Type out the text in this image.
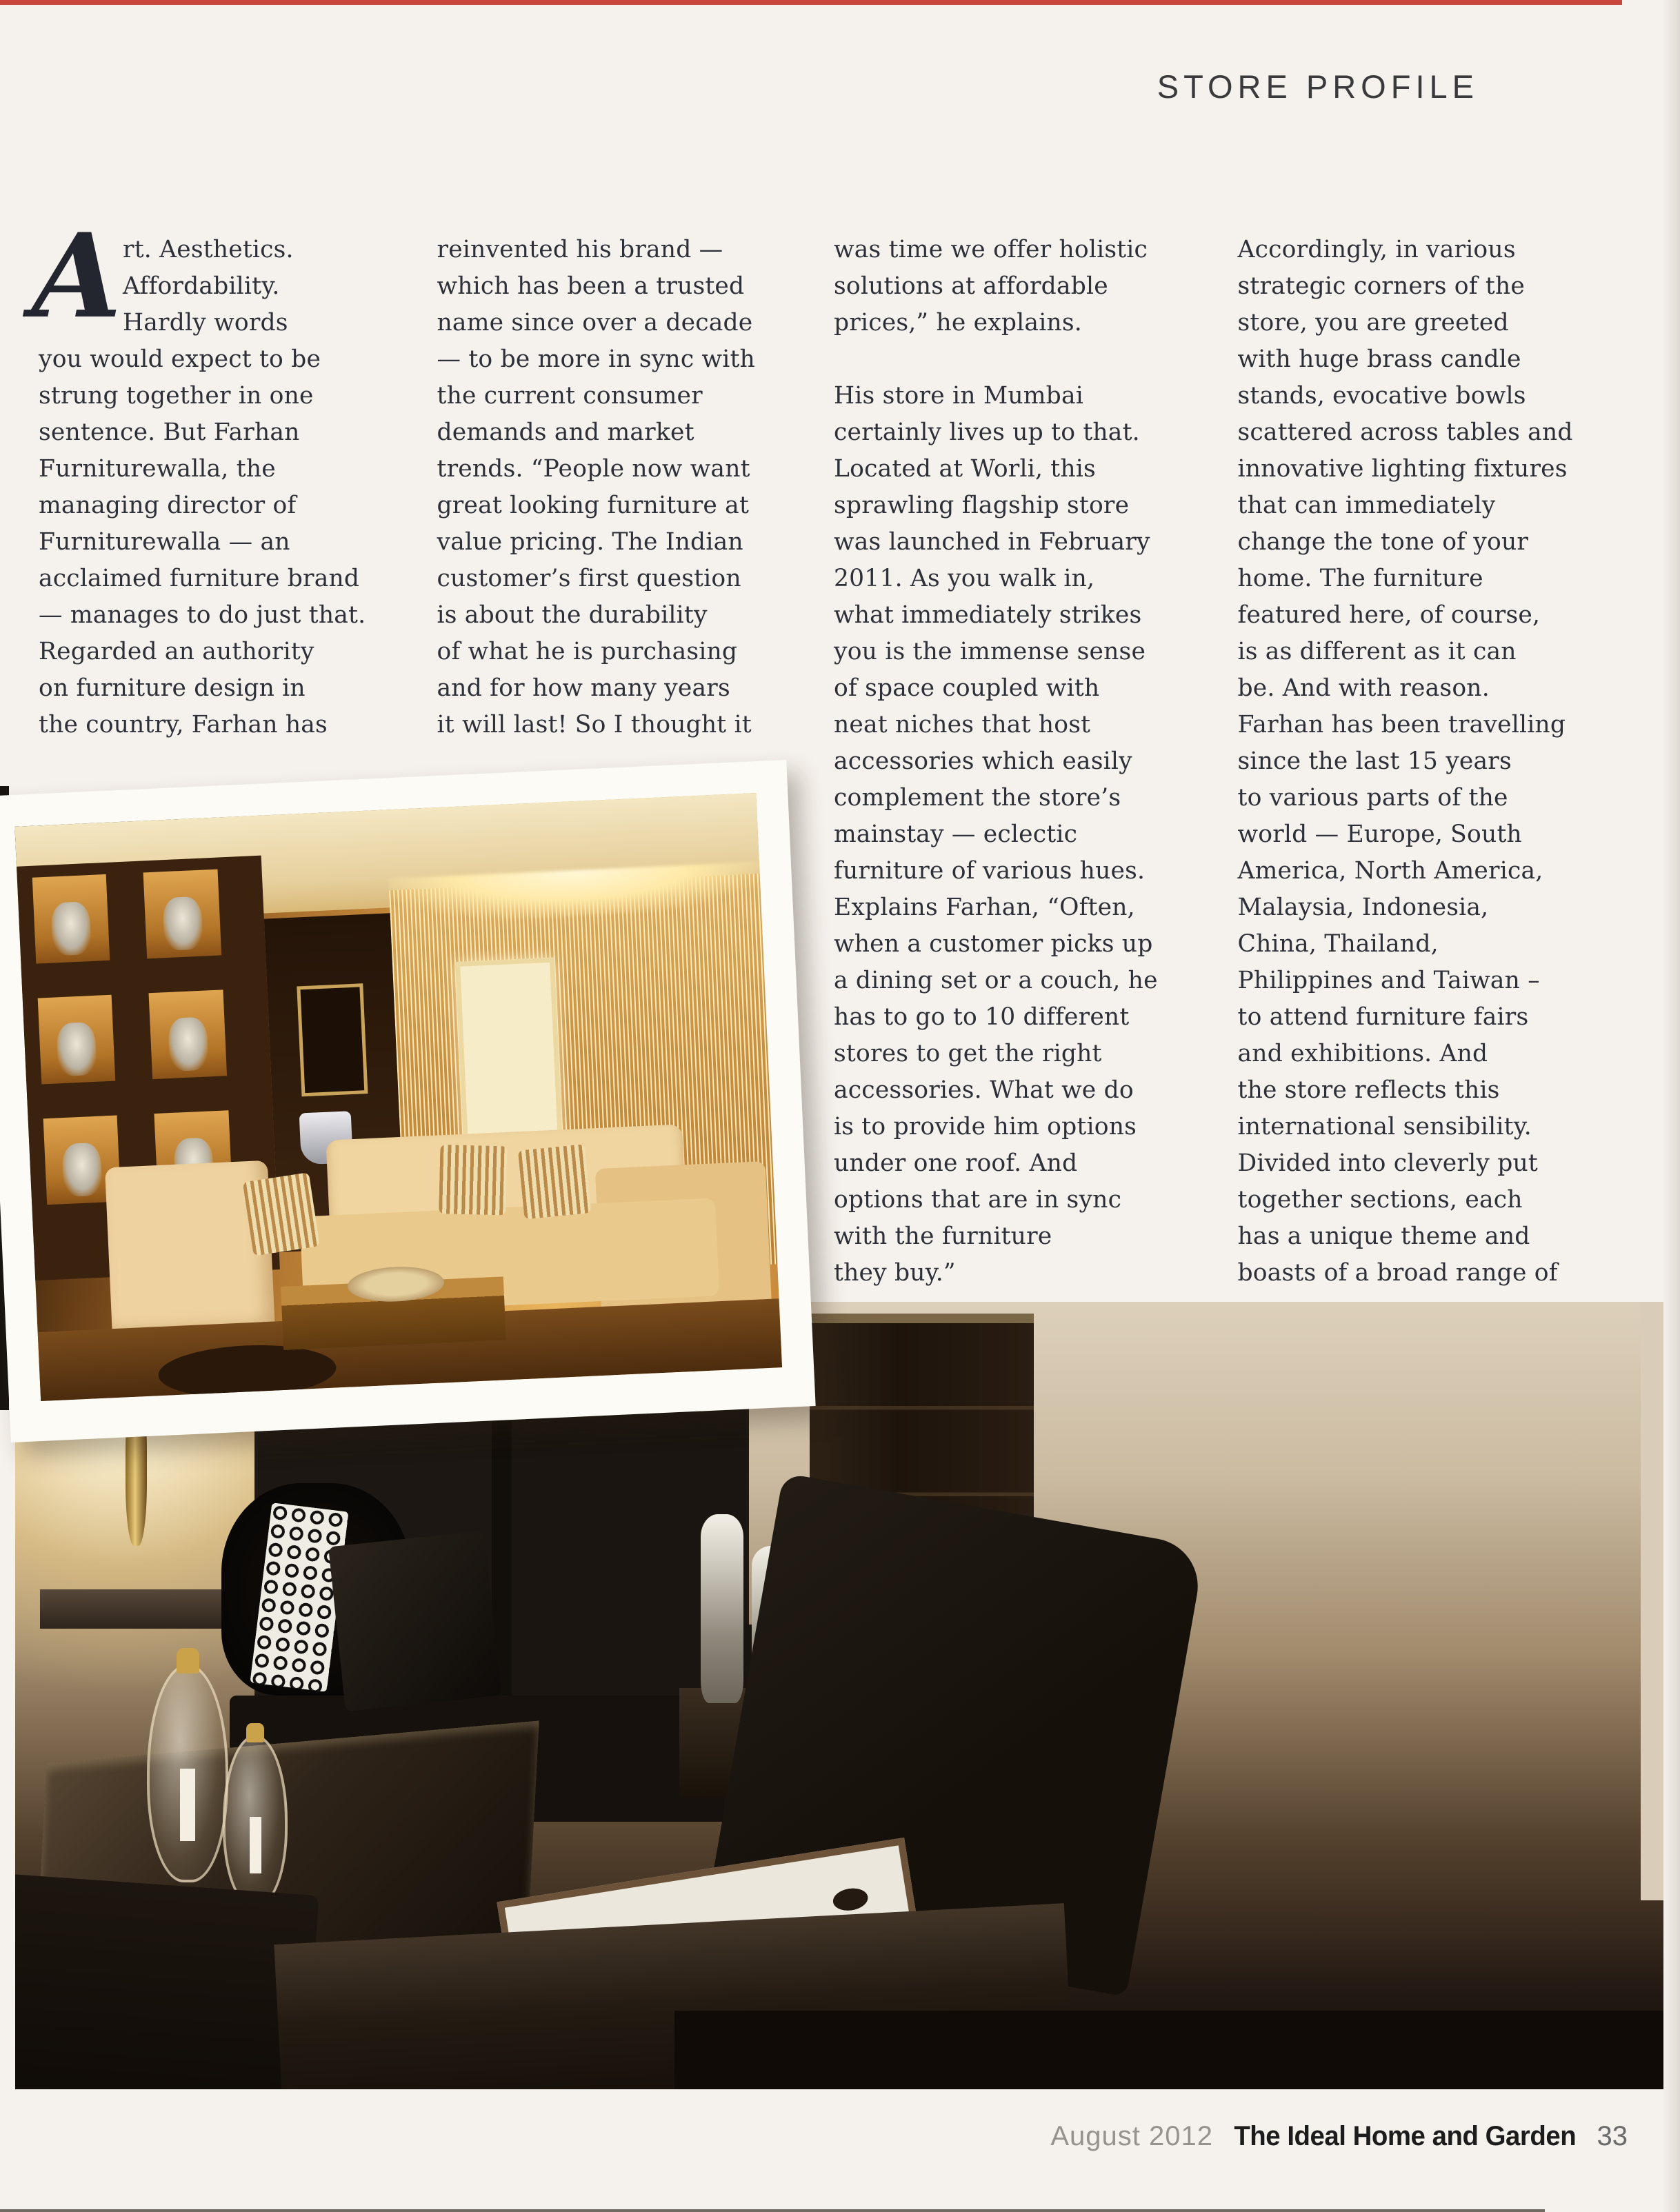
STORE PROFILE
A rt. Aesthetics.
Affordability.
Hardly words
you would expect to be
strung together in one
sentence. But Farhan
Furniturewalla, the
managing director of
Furniturewalla — an
acclaimed furniture brand
— manages to do just that.
Regarded an authority
on furniture design in
the country, Farhan has
reinvented his brand —
which has been a trusted
name since over a decade
— to be more in sync with
the current consumer
demands and market
trends. “People now want
great looking furniture at
value pricing. The Indian
customer’s first question
is about the durability
of what he is purchasing
and for how many years
it will last! So I thought it
was time we offer holistic
solutions at affordable
prices,” he explains.
His store in Mumbai
certainly lives up to that.
Located at Worli, this
sprawling flagship store
was launched in February
2011. As you walk in,
what immediately strikes
you is the immense sense
of space coupled with
neat niches that host
accessories which easily
complement the store’s
mainstay — eclectic
furniture of various hues.
Explains Farhan, “Often,
when a customer picks up
a dining set or a couch, he
has to go to 10 different
stores to get the right
accessories. What we do
is to provide him options
under one roof. And
options that are in sync
with the furniture
they buy.”
Accordingly, in various
strategic corners of the
store, you are greeted
with huge brass candle
stands, evocative bowls
scattered across tables and
innovative lighting fixtures
that can immediately
change the tone of your
home. The furniture
featured here, of course,
is as different as it can
be. And with reason.
Farhan has been travelling
since the last 15 years
to various parts of the
world — Europe, South
America, North America,
Malaysia, Indonesia,
China, Thailand,
Philippines and Taiwan –
to attend furniture fairs
and exhibitions. And
the store reflects this
international sensibility.
Divided into cleverly put
together sections, each
has a unique theme and
boasts of a broad range of
August 2012 The Ideal Home and Garden 33
